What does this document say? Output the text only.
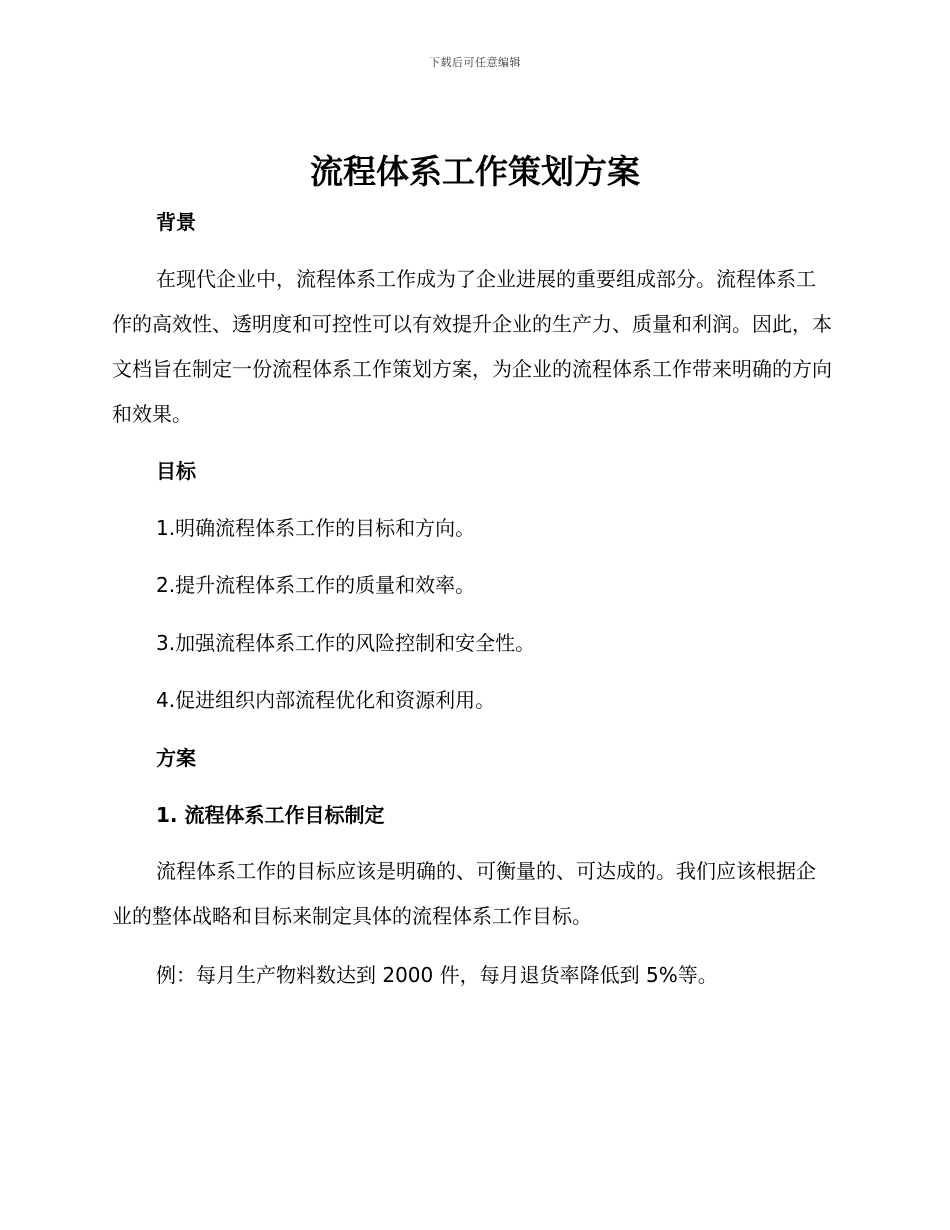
下载后可任意编辑
流程体系工作策划方案
背景

在现代企业中，流程体系工作成为了企业进展的重要组成部分。流程体系工作的高效性、透明度和可控性可以有效提升企业的生产力、质量和利润。因此，本文档旨在制定一份流程体系工作策划方案，为企业的流程体系工作带来明确的方向和效果。

目标
1.明确流程体系工作的目标和方向。
2.提升流程体系工作的质量和效率。
3.加强流程体系工作的风险控制和安全性。
4.促进组织内部流程优化和资源利用。
方案
1. 流程体系工作目标制定

流程体系工作的目标应该是明确的、可衡量的、可达成的。我们应该根据企业的整体战略和目标来制定具体的流程体系工作目标。

例：每月生产物料数达到 2000 件，每月退货率降低到 5%等。
